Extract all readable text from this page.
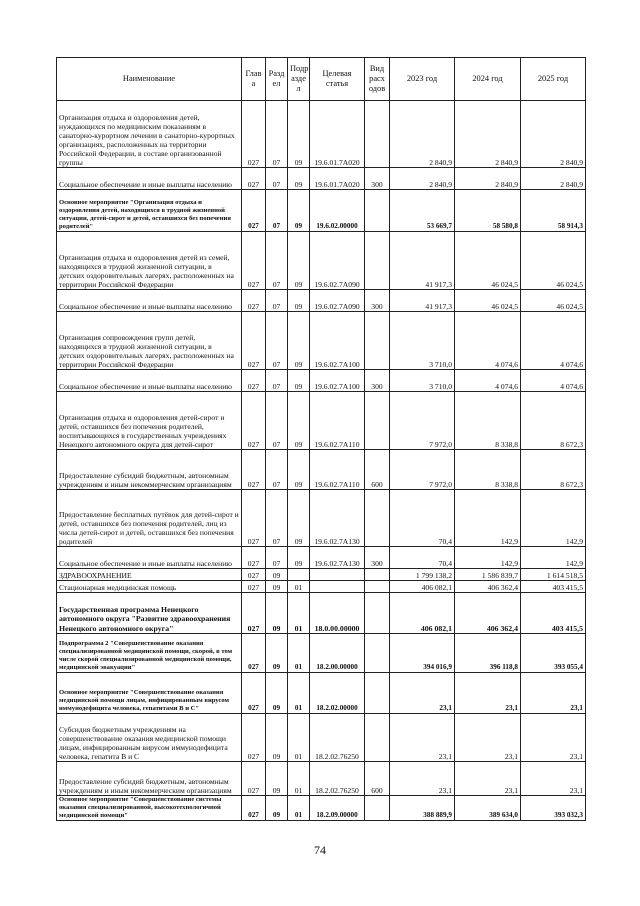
Наименование	Глав а	Разд ел	Подр азде л	Целевая статья	Вид расх одов	2023 год	2024 год	2025 год
Организация отдыха и оздоровления детей, нуждающихся по медицинским показаниям в санаторно-курортном лечении в санаторно-курортных организациях, расположенных на территории Российской Федерации, в составе организованной группы	027	07	09	19.6.01.7A020		2 840,9	2 840,9	2 840,9
Социальное обеспечение и иные выплаты населению	027	07	09	19.6.01.7A020	300	2 840,9	2 840,9	2 840,9
Основное мероприятие "Организация отдыха и оздоровления детей, находящихся в трудной жизненной ситуации, детей-сирот и детей, оставшихся без попечения родителей"	027	07	09	19.6.02.00000		53 669,7	58 580,8	58 914,3
Организация отдыха и оздоровления детей из семей, находящихся в трудной жизненной ситуации, в детских оздоровительных лагерях, расположенных на территории Российской Федерации	027	07	09	19.6.02.7A090		41 917,3	46 024,5	46 024,5
Социальное обеспечение и иные выплаты населению	027	07	09	19.6.02.7A090	300	41 917,3	46 024,5	46 024,5
Организация сопровождения групп детей, находящихся в трудной жизненной ситуации, в детских оздоровительных лагерях, расположенных на территории Российской Федерации	027	07	09	19.6.02.7A100		3 710,0	4 074,6	4 074,6
Социальное обеспечение и иные выплаты населению	027	07	09	19.6.02.7A100	300	3 710,0	4 074,6	4 074,6
Организация отдыха и оздоровления детей-сирот и детей, оставшихся без попечения родителей, воспитывающихся в государственных учреждениях Ненецкого автономного округа для детей-сирот	027	07	09	19.6.02.7A110		7 972,0	8 338,8	8 672,3
Предоставление субсидий бюджетным, автономным учреждениям и иным некоммерческим организациям	027	07	09	19.6.02.7A110	600	7 972,0	8 338,8	8 672,3
Предоставление бесплатных путёвок для детей-сирот и детей, оставшихся без попечения родителей, лиц из числа детей-сирот и детей, оставшихся без попечения родителей	027	07	09	19.6.02.7A130		70,4	142,9	142,9
Социальное обеспечение и иные выплаты населению	027	07	09	19.6.02.7A130	300	70,4	142,9	142,9
ЗДРАВООХРАНЕНИЕ	027	09				1 799 138,2	1 586 839,7	1 614 518,5
Стационарная медицинская помощь	027	09	01			406 082,1	406 362,4	403 415,5
Государственная программа Ненецкого автономного округа "Развитие здравоохранения Ненецкого автономного округа"	027	09	01	18.0.00.00000		406 082,1	406 362,4	403 415,5
Подпрограмма 2 "Совершенствование оказания специализированной медицинской помощи, скорой, в том числе скорой специализированной медицинской помощи, медицинской эвакуации"	027	09	01	18.2.00.00000		394 016,9	396 118,8	393 055,4
Основное мероприятие "Совершенствование оказания медицинской помощи лицам, инфицированным вирусом иммунодефицита человека, гепатитами B и C"	027	09	01	18.2.02.00000		23,1	23,1	23,1
Субсидия бюджетным учреждениям на совершенствование оказания медицинской помощи лицам, инфицированным вирусом иммунодефицита человека, гепатита B и C	027	09	01	18.2.02.76250		23,1	23,1	23,1
Предоставление субсидий бюджетным, автономным учреждениям и иным некоммерческим организациям	027	09	01	18.2.02.76250	600	23,1	23,1	23,1
Основное мероприятие "Совершенствование системы оказания специализированной, высокотехнологичной медицинской помощи"	027	09	01	18.2.09.00000		388 889,9	389 634,0	393 032,3
74
